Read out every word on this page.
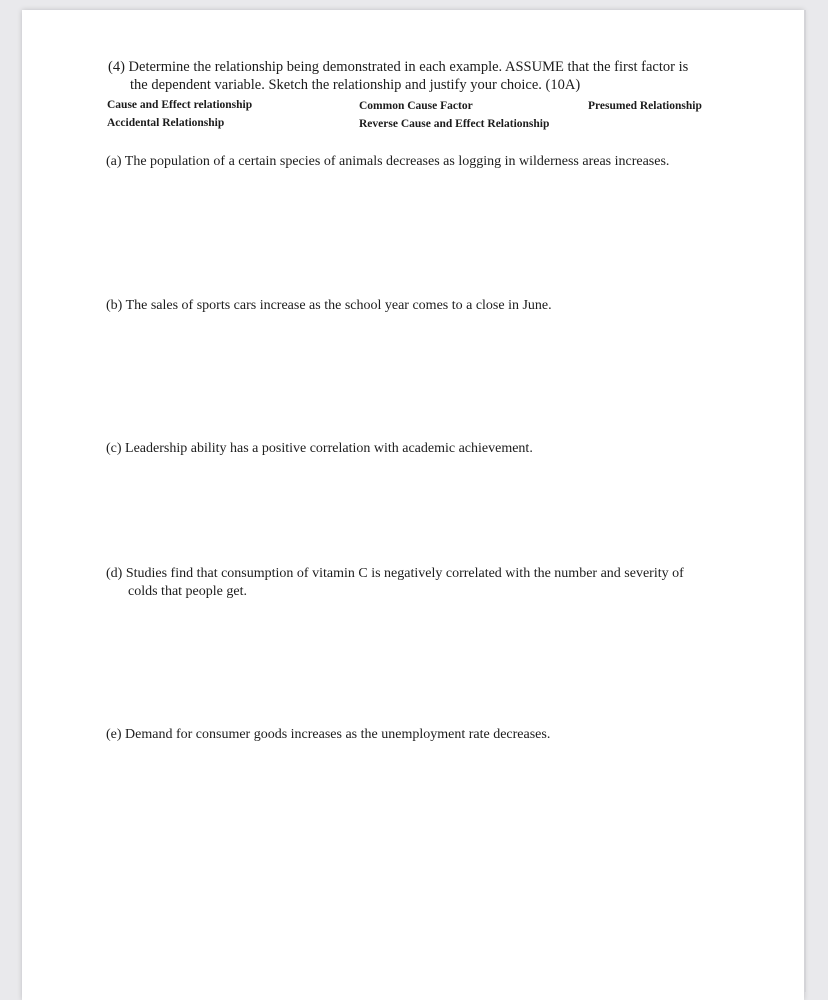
(4) Determine the relationship being demonstrated in each example. ASSUME that the first factor is
the dependent variable. Sketch the relationship and justify your choice. (10A)
Cause and Effect relationship	Common Cause Factor	Presumed Relationship
Accidental Relationship	Reverse Cause and Effect Relationship
(a) The population of a certain species of animals decreases as logging in wilderness areas increases.
(b) The sales of sports cars increase as the school year comes to a close in June.
(c) Leadership ability has a positive correlation with academic achievement.
(d) Studies find that consumption of vitamin C is negatively correlated with the number and severity of
colds that people get.
(e) Demand for consumer goods increases as the unemployment rate decreases.
